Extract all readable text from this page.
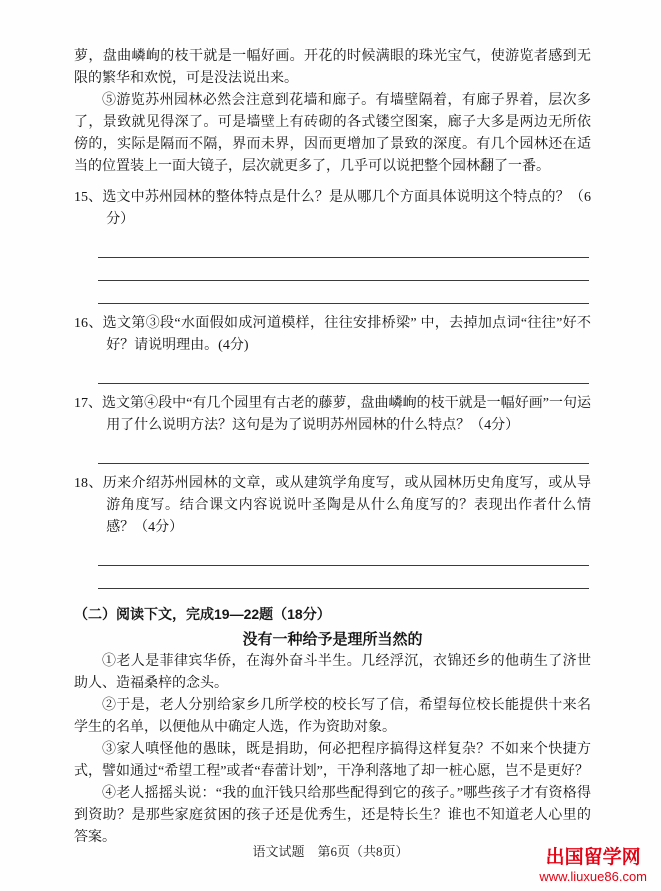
萝，盘曲嶙峋的枝干就是一幅好画。开花的时候满眼的珠光宝气，使游览者感到无限的繁华和欢悦，可是没法说出来。
⑤游览苏州园林必然会注意到花墙和廊子。有墙壁隔着，有廊子界着，层次多了，景致就见得深了。可是墙壁上有砖砌的各式镂空图案，廊子大多是两边无所依傍的，实际是隔而不隔，界而未界，因而更增加了景致的深度。有几个园林还在适当的位置装上一面大镜子，层次就更多了，几乎可以说把整个园林翻了一番。
15、选文中苏州园林的整体特点是什么？是从哪几个方面具体说明这个特点的？（6分）
16、选文第③段“水面假如成河道模样，往往安排桥梁” 中，去掉加点词“往往”好不好？请说明理由。(4分)
17、选文第④段中“有几个园里有古老的藤萝，盘曲嶙峋的枝干就是一幅好画”一句运用了什么说明方法？这句是为了说明苏州园林的什么特点？（4分）
18、历来介绍苏州园林的文章，或从建筑学角度写，或从园林历史角度写，或从导游角度写。结合课文内容说说叶圣陶是从什么角度写的？表现出作者什么情感？（4分）
（二）阅读下文，完成19—22题（18分）
没有一种给予是理所当然的
①老人是菲律宾华侨，在海外奋斗半生。几经浮沉，衣锦还乡的他萌生了济世助人、造福桑梓的念头。
②于是，老人分别给家乡几所学校的校长写了信，希望每位校长能提供十来名学生的名单，以便他从中确定人选，作为资助对象。
③家人嗔怪他的愚昧，既是捐助，何必把程序搞得这样复杂？不如来个快捷方式，譬如通过“希望工程”或者“春蕾计划”，干净利落地了却一桩心愿，岂不是更好？
④老人摇摇头说：“我的血汗钱只给那些配得到它的孩子。”哪些孩子才有资格得到资助？是那些家庭贫困的孩子还是优秀生，还是特长生？谁也不知道老人心里的答案。
语文试题　第6页（共8页）	出国留学网
www.liuxue86.com
